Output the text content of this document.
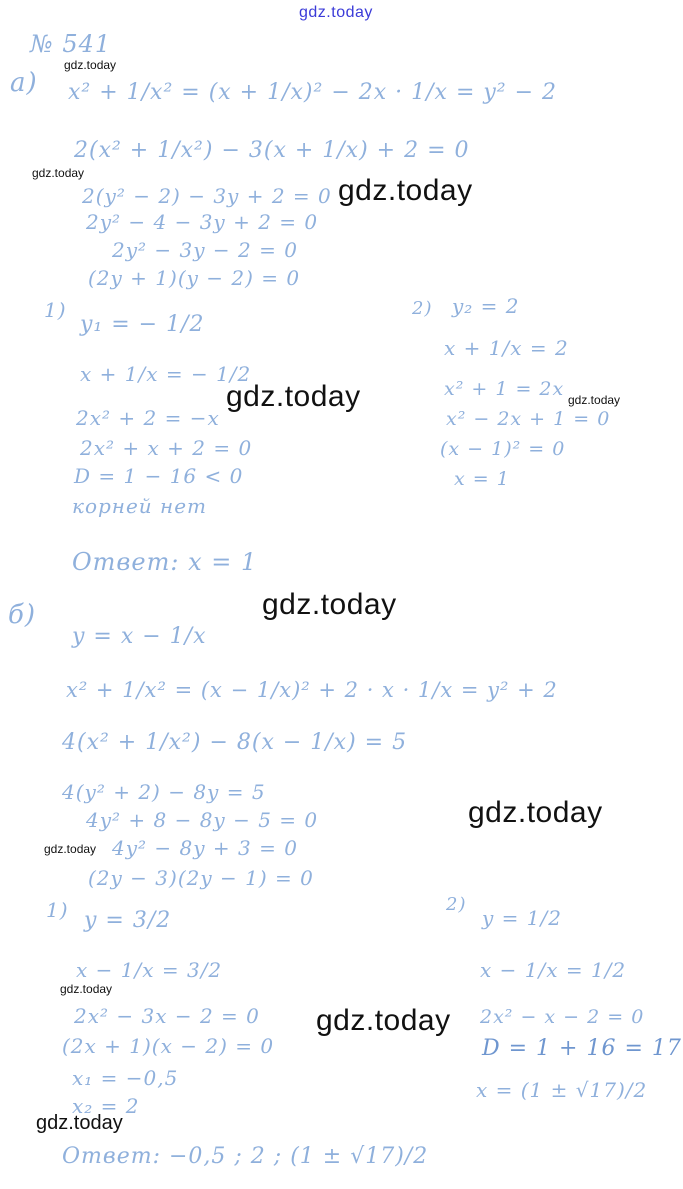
gdz.today
gdz.today
gdz.today
gdz.today
gdz.today	gdz.today
gdz.today
gdz.today
gdz.today
gdz.today
gdz.today
gdz.today
№ 541
а) x² + 1/x² = (x + 1/x)² − 2x · 1/x = y² − 2
2(x² + 1/x²) − 3(x + 1/x) + 2 = 0
2(y² − 2) − 3y + 2 = 0
2y² − 4 − 3y + 2 = 0
2y² − 3y − 2 = 0
(2y + 1)(y − 2) = 0
1)
y₁ = − 1/2
x + 1/x = − 1/2
2x² + 2 = −x
2x² + x + 2 = 0
D = 1 − 16 < 0
корней нет
2) y₂ = 2
x + 1/x = 2
x² + 1 = 2x
x² − 2x + 1 = 0
(x − 1)² = 0
x = 1
Ответ: x = 1
б)
y = x − 1/x
x² + 1/x² = (x − 1/x)² + 2 · x · 1/x = y² + 2
4(x² + 1/x²) − 8(x − 1/x) = 5
4(y² + 2) − 8y = 5
4y² + 8 − 8y − 5 = 0
4y² − 8y + 3 = 0
(2y − 3)(2y − 1) = 0
1) y = 3/2
x − 1/x = 3/2
2x² − 3x − 2 = 0
(2x + 1)(x − 2) = 0
x₁ = −0,5
x₂ = 2
2)
y = 1/2
x − 1/x = 1/2
2x² − x − 2 = 0
D = 1 + 16 = 17
x = (1 ± √17)/2
Ответ: −0,5 ; 2 ; (1 ± √17)/2
